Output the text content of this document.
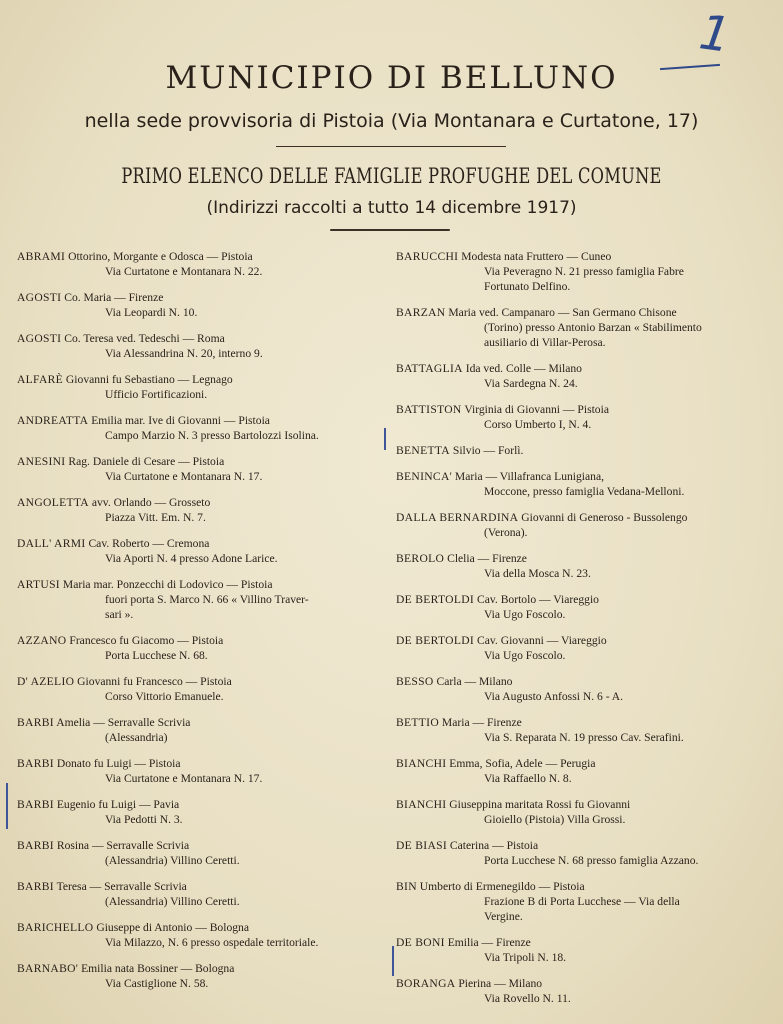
1
MUNICIPIO DI BELLUNO
nella sede provvisoria di Pistoia (Via Montanara e Curtatone, 17)
PRIMO ELENCO DELLE FAMIGLIE PROFUGHE DEL COMUNE
(Indirizzi raccolti a tutto 14 dicembre 1917)
ABRAMI Ottorino, Morgante e Odosca — Pistoia
Via Curtatone e Montanara N. 22.
AGOSTI Co. Maria — Firenze
Via Leopardi N. 10.
AGOSTI Co. Teresa ved. Tedeschi — Roma
Via Alessandrina N. 20, interno 9.
ALFARÈ Giovanni fu Sebastiano — Legnago
Ufficio Fortificazioni.
ANDREATTA Emilia mar. Ive di Giovanni — Pistoia
Campo Marzio N. 3 presso Bartolozzi Isolina.
ANESINI Rag. Daniele di Cesare — Pistoia
Via Curtatone e Montanara N. 17.
ANGOLETTA avv. Orlando — Grosseto
Piazza Vitt. Em. N. 7.
DALL' ARMI Cav. Roberto — Cremona
Via Aporti N. 4 presso Adone Larice.
ARTUSI Maria mar. Ponzecchi di Lodovico — Pistoia
fuori porta S. Marco N. 66 « Villino Traver-
sari ».
AZZANO Francesco fu Giacomo — Pistoia
Porta Lucchese N. 68.
D' AZELIO Giovanni fu Francesco — Pistoia
Corso Vittorio Emanuele.
BARBI Amelia — Serravalle Scrivia
(Alessandria)
BARBI Donato fu Luigi — Pistoia
Via Curtatone e Montanara N. 17.
BARBI Eugenio fu Luigi — Pavia
Via Pedotti N. 3.
BARBI Rosina — Serravalle Scrivia
(Alessandria) Villino Ceretti.
BARBI Teresa — Serravalle Scrivia
(Alessandria) Villino Ceretti.
BARICHELLO Giuseppe di Antonio — Bologna
Via Milazzo, N. 6 presso ospedale territoriale.
BARNABO' Emilia nata Bossiner — Bologna
Via Castiglione N. 58.
BARUCCHI Modesta nata Fruttero — Cuneo
Via Peveragno N. 21 presso famiglia Fabre
Fortunato Delfino.
BARZAN Maria ved. Campanaro — San Germano Chisone
(Torino) presso Antonio Barzan « Stabilimento
ausiliario di Villar-Perosa.
BATTAGLIA Ida ved. Colle — Milano
Via Sardegna N. 24.
BATTISTON Virginia di Giovanni — Pistoia
Corso Umberto I, N. 4.
BENETTA Silvio — Forlì.
BENINCA' Maria — Villafranca Lunigiana,
Moccone, presso famiglia Vedana-Melloni.
DALLA BERNARDINA Giovanni di Generoso - Bussolengo
(Verona).
BEROLO Clelia — Firenze
Via della Mosca N. 23.
DE BERTOLDI Cav. Bortolo — Viareggio
Via Ugo Foscolo.
DE BERTOLDI Cav. Giovanni — Viareggio
Via Ugo Foscolo.
BESSO Carla — Milano
Via Augusto Anfossi N. 6 - A.
BETTIO Maria — Firenze
Via S. Reparata N. 19 presso Cav. Serafini.
BIANCHI Emma, Sofia, Adele — Perugia
Via Raffaello N. 8.
BIANCHI Giuseppina maritata Rossi fu Giovanni
Gioiello (Pistoia) Villa Grossi.
DE BIASI Caterina — Pistoia
Porta Lucchese N. 68 presso famiglia Azzano.
BIN Umberto di Ermenegildo — Pistoia
Frazione B di Porta Lucchese — Via della
Vergine.
DE BONI Emilia — Firenze
Via Tripoli N. 18.
BORANGA Pierina — Milano
Via Rovello N. 11.
